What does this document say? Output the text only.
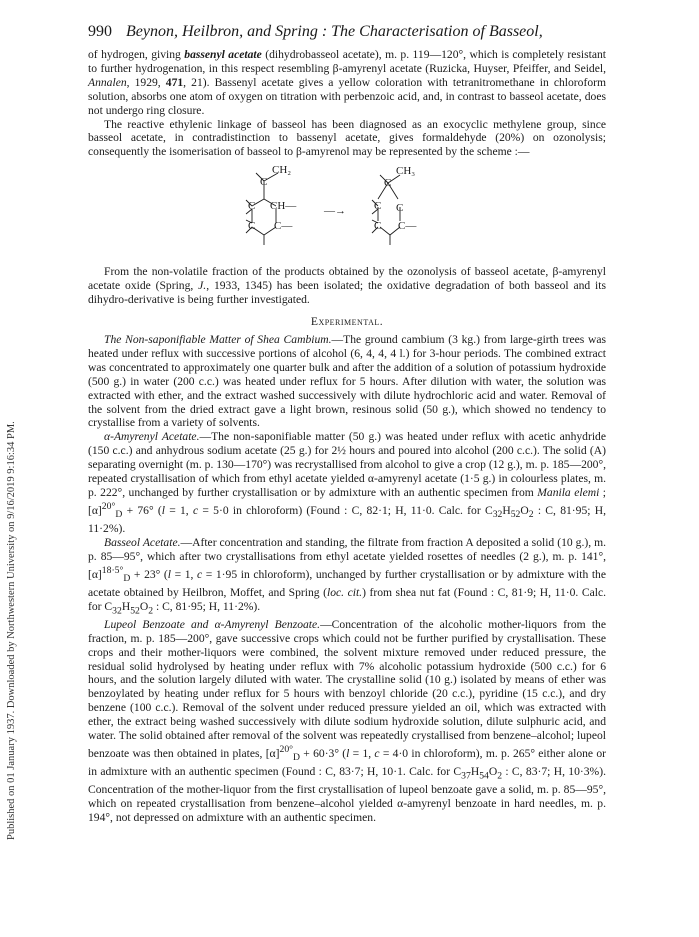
Published on 01 January 1937. Downloaded by Northwestern University on 9/16/2019 9:16:34 PM.
990 Beynon, Heilbron, and Spring : The Characterisation of Basseol,

of hydrogen, giving bassenyl acetate (dihydrobasseol acetate), m. p. 119—120°, which is completely resistant to further hydrogenation, in this respect resembling β-amyrenyl acetate (Ruzicka, Huyser, Pfeiffer, and Seidel, Annalen, 1929, 471, 21). Bassenyl acetate gives a yellow coloration with tetranitromethane in chloroform solution, absorbs one atom of oxygen on titration with perbenzoic acid, and, in contrast to basseol acetate, does not undergo ring closure.

The reactive ethylenic linkage of basseol has been diagnosed as an exocyclic methylene group, since basseol acetate, in contradistinction to bassenyl acetate, gives formaldehyde (20%) on ozonolysis; consequently the isomerisation of basseol to β-amyrenol may be represented by the scheme :—

C
CH₂
CH—
C—
C
C
—→
C
CH₃
C
C—
C
C

From the non-volatile fraction of the products obtained by the ozonolysis of basseol acetate, β-amyrenyl acetate oxide (Spring, J., 1933, 1345) has been isolated; the oxidative degradation of both basseol and its dihydro-derivative is being further investigated.

Experimental.

The Non-saponifiable Matter of Shea Cambium.—The ground cambium (3 kg.) from large-girth trees was heated under reflux with successive portions of alcohol (6, 4, 4, 4 l.) for 3-hour periods. The combined extract was concentrated to approximately one quarter bulk and after the addition of a solution of potassium hydroxide (500 g.) in water (200 c.c.) was heated under reflux for 5 hours. After dilution with water, the solution was extracted with ether, and the extract washed successively with dilute hydrochloric acid and water. Removal of the solvent from the dried extract gave a light brown, resinous solid (50 g.), which showed no tendency to crystallise from a variety of solvents.

α-Amyrenyl Acetate.—The non-saponifiable matter (50 g.) was heated under reflux with acetic anhydride (150 c.c.) and anhydrous sodium acetate (25 g.) for 2½ hours and poured into alcohol (200 c.c.). The solid (A) separating overnight (m. p. 130—170°) was recrystallised from alcohol to give a crop (12 g.), m. p. 185—200°, repeated crystallisation of which from ethyl acetate yielded α-amyrenyl acetate (1·5 g.) in colourless plates, m. p. 222°, unchanged by further crystallisation or by admixture with an authentic specimen from Manila elemi ; $[\alpha]^{20^\circ}_D + 76^\circ$ (l = 1, c = 5·0 in chloroform) (Found : C, 82·1; H, 11·0. Calc. for $C_{32}H_{52}O_2$ : C, 81·95; H, 11·2%).

Basseol Acetate.—After concentration and standing, the filtrate from fraction A deposited a solid (10 g.), m. p. 85—95°, which after two crystallisations from ethyl acetate yielded rosettes of needles (2 g.), m. p. 141°, $[\alpha]^{18\cdot 5^\circ}_D + 23^\circ$ (l = 1, c = 1·95 in chloroform), unchanged by further crystallisation or by admixture with the acetate obtained by Heilbron, Moffet, and Spring (loc. cit.) from shea nut fat (Found : C, 81·9; H, 11·0. Calc. for $C_{32}H_{52}O_2$ : C, 81·95; H, 11·2%).

Lupeol Benzoate and α-Amyrenyl Benzoate.—Concentration of the alcoholic mother-liquors from the fraction, m. p. 185—200°, gave successive crops which could not be further purified by crystallisation. These crops and their mother-liquors were combined, the solvent mixture removed under reduced pressure, the residual solid hydrolysed by heating under reflux with 7% alcoholic potassium hydroxide (500 c.c.) for 6 hours, and the solution largely diluted with water. The crystalline solid (10 g.) isolated by means of ether was benzoylated by heating under reflux for 5 hours with benzoyl chloride (20 c.c.), pyridine (15 c.c.), and dry benzene (100 c.c.). Removal of the solvent under reduced pressure yielded an oil, which was extracted with ether, the extract being washed successively with dilute sodium hydroxide solution, dilute sulphuric acid, and water. The solid obtained after removal of the solvent was repeatedly crystallised from benzene–alcohol; lupeol benzoate was then obtained in plates, $[\alpha]^{20^\circ}_D + 60\cdot 3^\circ$ (l = 1, c = 4·0 in chloroform), m. p. 265° either alone or in admixture with an authentic specimen (Found : C, 83·7; H, 10·1. Calc. for $C_{37}H_{54}O_2$ : C, 83·7; H, 10·3%). Concentration of the mother-liquor from the first crystallisation of lupeol benzoate gave a solid, m. p. 85—95°, which on repeated crystallisation from benzene–alcohol yielded α-amyrenyl benzoate in hard needles, m. p. 194°, not depressed on admixture with an authentic specimen.
